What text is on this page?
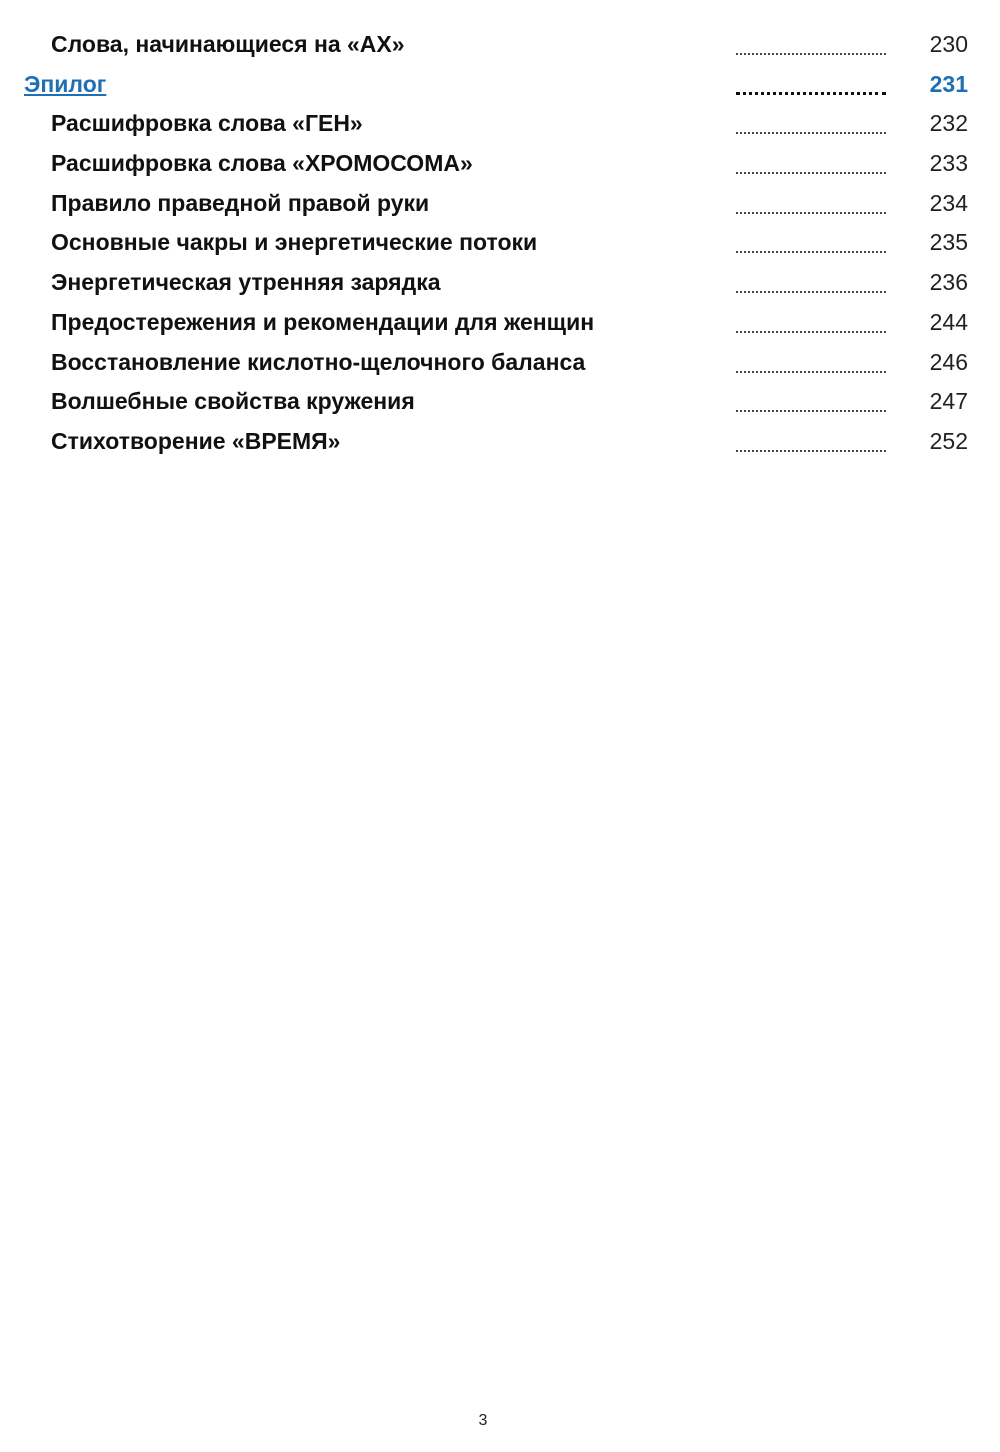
Слова, начинающиеся на «АХ»	230
Эпилог	231
Расшифровка слова «ГЕН»	232
Расшифровка слова «ХРОМОСОМА»	233
Правило праведной правой руки	234
Основные чакры и энергетические потоки	235
Энергетическая утренняя зарядка	236
Предостережения и рекомендации для женщин	244
Восстановление кислотно-щелочного баланса	246
Волшебные свойства кружения	247
Стихотворение «ВРЕМЯ»	252
3
